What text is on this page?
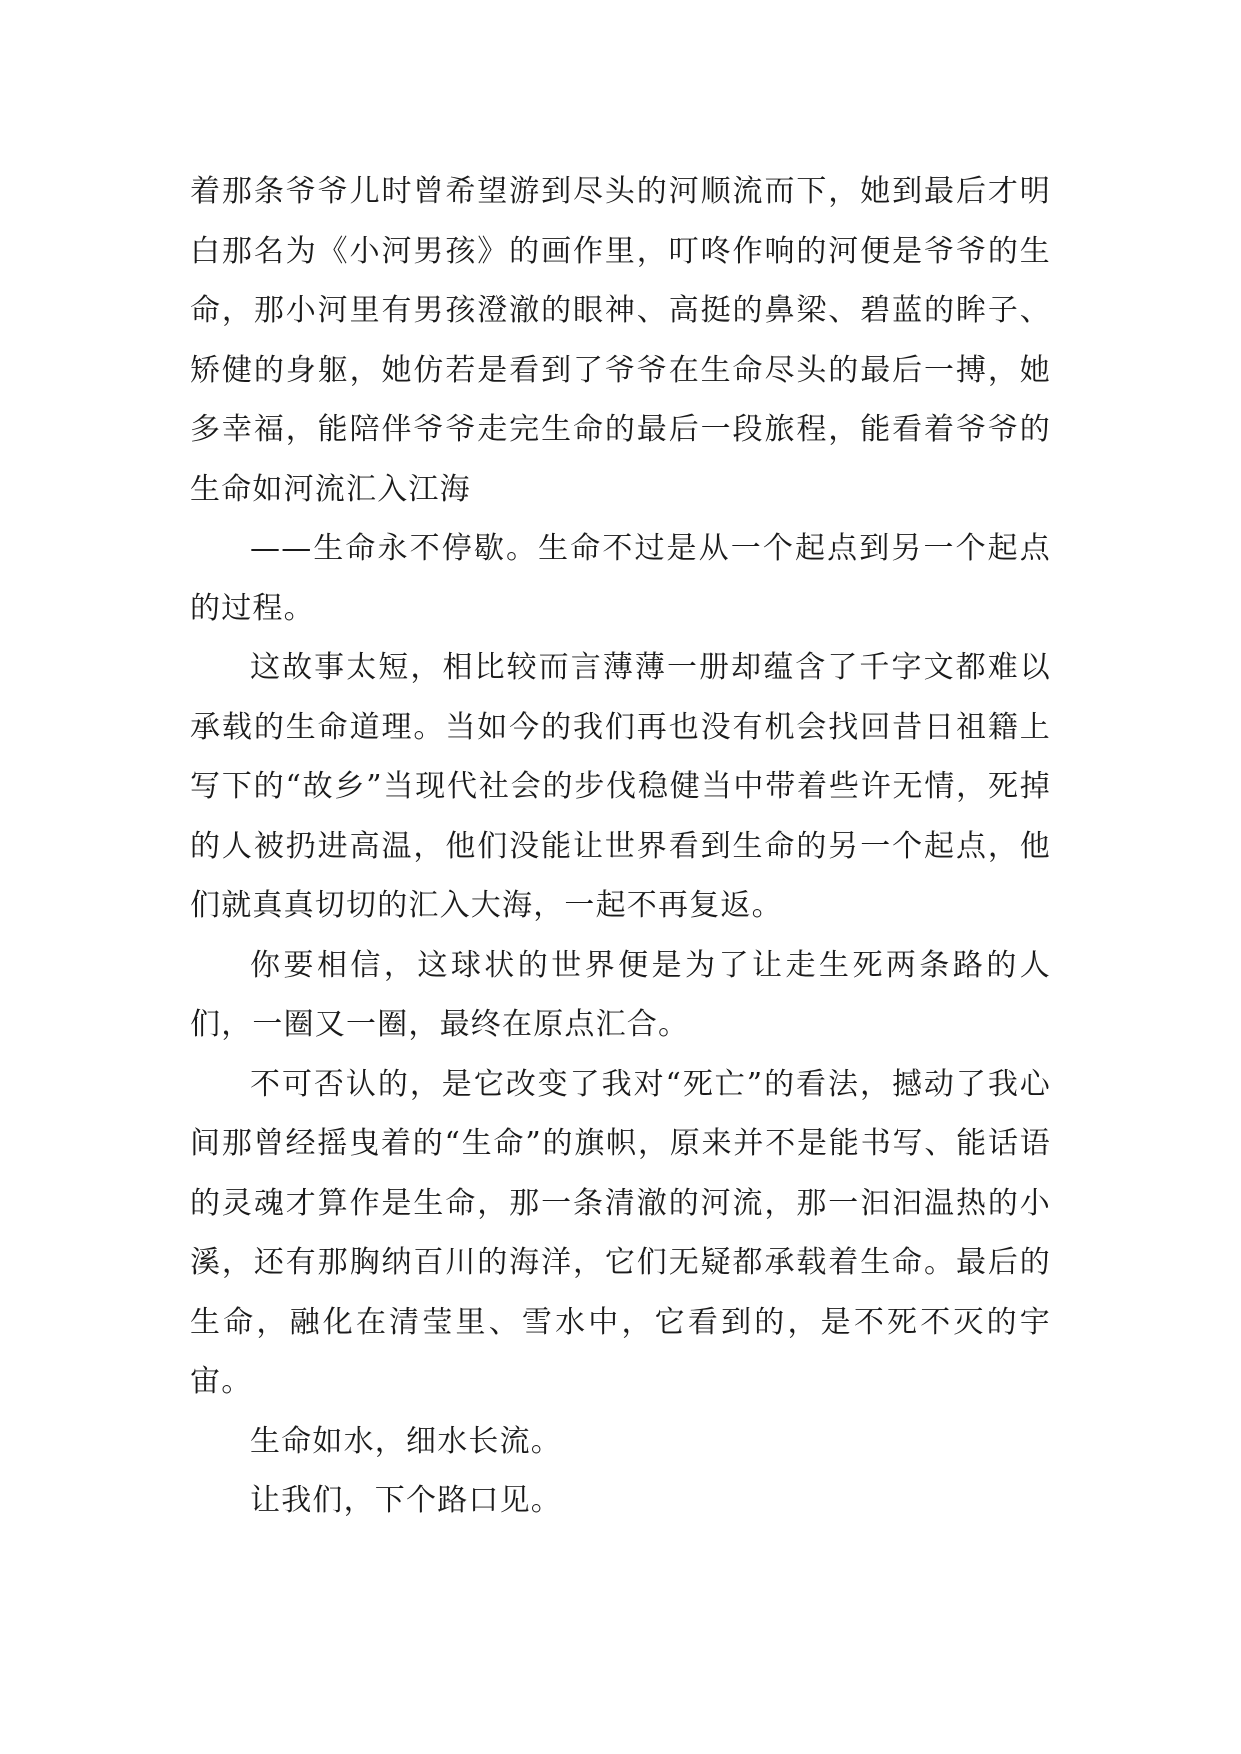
着那条爷爷儿时曾希望游到尽头的河顺流而下，她到最后才明白那名为《小河男孩》的画作里，叮咚作响的河便是爷爷的生命，那小河里有男孩澄澈的眼神、高挺的鼻梁、碧蓝的眸子、矫健的身躯，她仿若是看到了爷爷在生命尽头的最后一搏，她多幸福，能陪伴爷爷走完生命的最后一段旅程，能看着爷爷的生命如河流汇入江海

——生命永不停歇。生命不过是从一个起点到另一个起点的过程。

这故事太短，相比较而言薄薄一册却蕴含了千字文都难以承载的生命道理。当如今的我们再也没有机会找回昔日祖籍上写下的“故乡”当现代社会的步伐稳健当中带着些许无情，死掉的人被扔进高温，他们没能让世界看到生命的另一个起点，他们就真真切切的汇入大海，一起不再复返。

你要相信，这球状的世界便是为了让走生死两条路的人们，一圈又一圈，最终在原点汇合。

不可否认的，是它改变了我对“死亡”的看法，撼动了我心间那曾经摇曳着的“生命”的旗帜，原来并不是能书写、能话语的灵魂才算作是生命，那一条清澈的河流，那一汩汩温热的小溪，还有那胸纳百川的海洋，它们无疑都承载着生命。最后的生命，融化在清莹里、雪水中，它看到的，是不死不灭的宇宙。

生命如水，细水长流。

让我们，下个路口见。
